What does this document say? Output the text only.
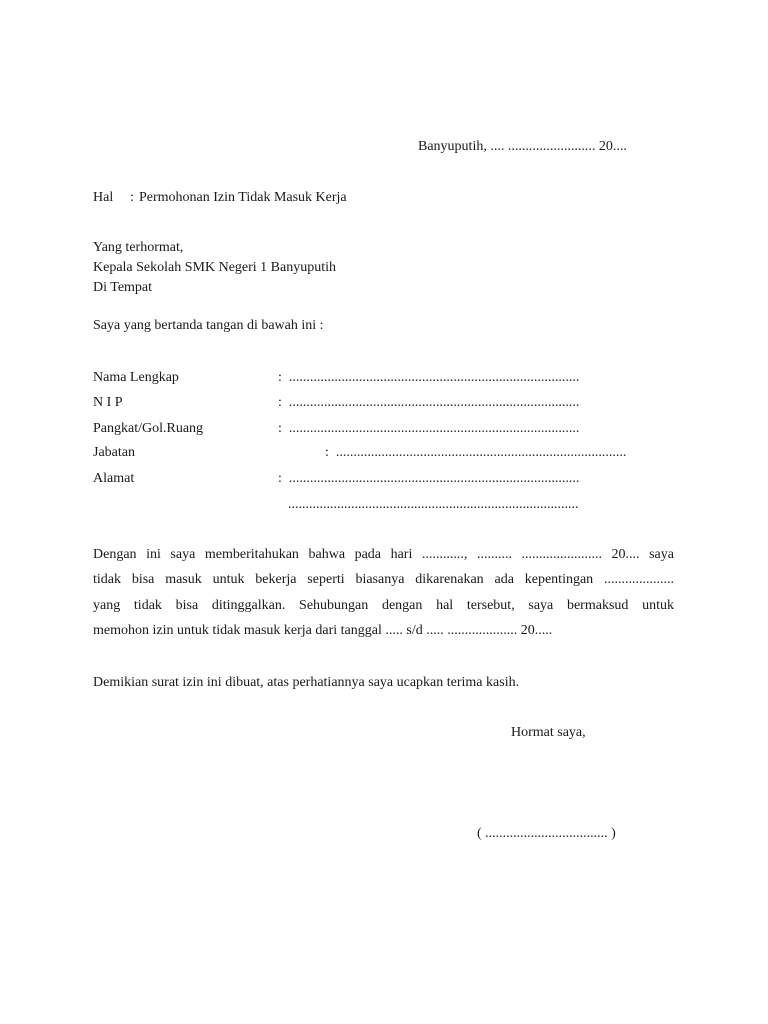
Banyuputih, .... ......................... 20....
Hal : Permohonan Izin Tidak Masuk Kerja
Yang terhormat,
Kepala Sekolah SMK Negeri 1 Banyuputih
Di Tempat
Saya yang bertanda tangan di bawah ini :
Nama Lengkap	:  ...................................................................................
N I P	:  ...................................................................................
Pangkat/Gol.Ruang	:  ...................................................................................
Jabatan	:  ...................................................................................
Alamat	:  ...................................................................................
...................................................................................
Dengan ini saya memberitahukan bahwa pada hari ............, .......... ....................... 20.... saya
tidak bisa masuk untuk bekerja seperti biasanya dikarenakan ada kepentingan ....................
yang tidak bisa ditinggalkan. Sehubungan dengan hal tersebut, saya bermaksud untuk
memohon izin untuk tidak masuk kerja dari tanggal ..... s/d ..... .................... 20.....
Demikian surat izin ini dibuat, atas perhatiannya saya ucapkan terima kasih.
Hormat saya,
( ................................... )
